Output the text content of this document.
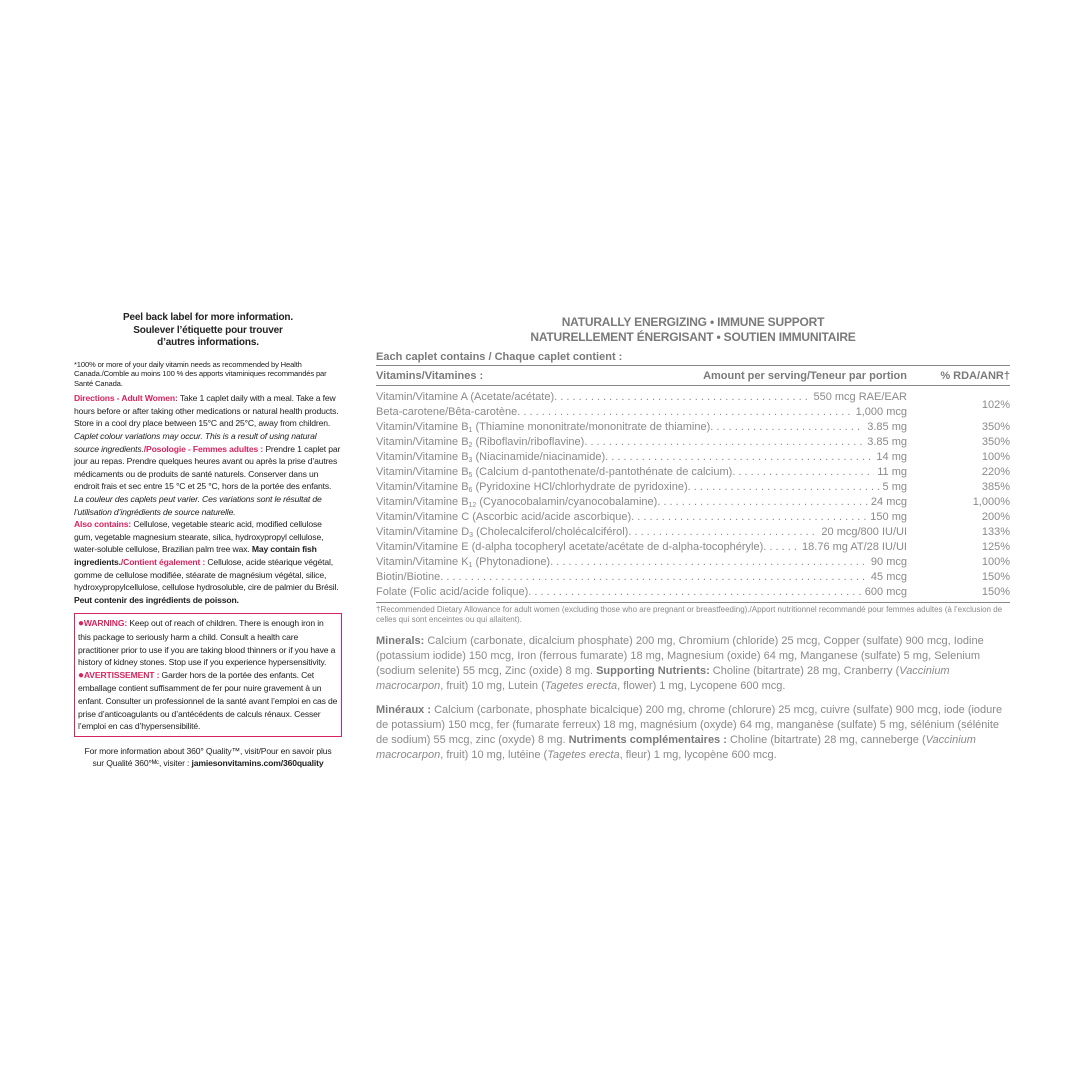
Peel back label for more information.
Soulever l’étiquette pour trouver
d’autres informations.
*100% or more of your daily vitamin needs as recommended by Health Canada./Comble au moins 100 % des apports vitaminiques recommandés par Santé Canada.
Directions - Adult Women: Take 1 caplet daily with a meal. Take a few hours before or after taking other medications or natural health products. Store in a cool dry place between 15°C and 25°C, away from children. Caplet colour variations may occur. This is a result of using natural source ingredients./Posologie - Femmes adultes : Prendre 1 caplet par jour au repas. Prendre quelques heures avant ou après la prise d’autres médicaments ou de produits de santé naturels. Conserver dans un endroit frais et sec entre 15 °C et 25 °C, hors de la portée des enfants. La couleur des caplets peut varier. Ces variations sont le résultat de l’utilisation d’ingrédients de source naturelle.
Also contains: Cellulose, vegetable stearic acid, modified cellulose gum, vegetable magnesium stearate, silica, hydroxypropyl cellulose, water-soluble cellulose, Brazilian palm tree wax. May contain fish ingredients./Contient également : Cellulose, acide stéarique végétal, gomme de cellulose modifiée, stéarate de magnésium végétal, silice, hydroxypropylcellulose, cellulose hydrosoluble, cire de palmier du Brésil. Peut contenir des ingrédients de poisson.
●WARNING: Keep out of reach of children. There is enough iron in this package to seriously harm a child. Consult a health care practitioner prior to use if you are taking blood thinners or if you have a history of kidney stones. Stop use if you experience hypersensitivity.
●AVERTISSEMENT : Garder hors de la portée des enfants. Cet emballage contient suffisamment de fer pour nuire gravement à un enfant. Consulter un professionnel de la santé avant l’emploi en cas de prise d’anticoagulants ou d’antécédents de calculs rénaux. Cesser l’emploi en cas d’hypersensibilité.
For more information about 360° Quality™, visit/Pour en savoir plus
sur Qualité 360°ᴹᶜ, visiter : jamiesonvitamins.com/360quality
NATURALLY ENERGIZING • IMMUNE SUPPORT
NATURELLEMENT ÉNERGISANT • SOUTIEN IMMUNITAIRE
Each caplet contains / Chaque caplet contient :
Vitamins/Vitamines :	Amount per serving/Teneur par portion	% RDA/ANR†
Vitamin/Vitamine A (Acetate/acétate) . . .	550 mcg RAE/EAR
Beta-carotene/Bêta-carotène . . .	1,000 mcg
102%
Vitamin/Vitamine $B_1$ (Thiamine mononitrate/mononitrate de thiamine) . . .	3.85 mg	350%
Vitamin/Vitamine $B_2$ (Riboflavin/riboflavine) . . .	3.85 mg	350%
Vitamin/Vitamine $B_3$ (Niacinamide/niacinamide) . . .	14 mg	100%
Vitamin/Vitamine $B_5$ (Calcium d-pantothenate/d-pantothénate de calcium) . . .	11 mg	220%
Vitamin/Vitamine $B_6$ (Pyridoxine HCl/chlorhydrate de pyridoxine) . . .	5 mg	385%
Vitamin/Vitamine $B_{12}$ (Cyanocobalamin/cyanocobalamine) . . .	24 mcg	1,000%
Vitamin/Vitamine C (Ascorbic acid/acide ascorbique) . . .	150 mg	200%
Vitamin/Vitamine $D_3$ (Cholecalciferol/cholécalciférol) . . .	20 mcg/800 IU/UI	133%
Vitamin/Vitamine E (d-alpha tocopheryl acetate/acétate de d-alpha-tocophéryle) . . .	18.76 mg AT/28 IU/UI	125%
Vitamin/Vitamine $K_1$ (Phytonadione) . . .	90 mcg	100%
Biotin/Biotine . . .	45 mcg	150%
Folate (Folic acid/acide folique) . . .	600 mcg	150%
†Recommended Dietary Allowance for adult women (excluding those who are pregnant or breastfeeding)./Apport nutritionnel recommandé pour femmes adultes (à l’exclusion de celles qui sont enceintes ou qui allaitent).
Minerals: Calcium (carbonate, dicalcium phosphate) 200 mg, Chromium (chloride) 25 mcg, Copper (sulfate) 900 mcg, Iodine (potassium iodide) 150 mcg, Iron (ferrous fumarate) 18 mg, Magnesium (oxide) 64 mg, Manganese (sulfate) 5 mg, Selenium (sodium selenite) 55 mcg, Zinc (oxide) 8 mg. Supporting Nutrients: Choline (bitartrate) 28 mg, Cranberry (Vaccinium macrocarpon, fruit) 10 mg, Lutein (Tagetes erecta, flower) 1 mg, Lycopene 600 mcg.
Minéraux : Calcium (carbonate, phosphate bicalcique) 200 mg, chrome (chlorure) 25 mcg, cuivre (sulfate) 900 mcg, iode (iodure de potassium) 150 mcg, fer (fumarate ferreux) 18 mg, magnésium (oxyde) 64 mg, manganèse (sulfate) 5 mg, sélénium (sélénite de sodium) 55 mcg, zinc (oxyde) 8 mg. Nutriments complémentaires : Choline (bitartrate) 28 mg, canneberge (Vaccinium macrocarpon, fruit) 10 mg, lutéine (Tagetes erecta, fleur) 1 mg, lycopène 600 mcg.
